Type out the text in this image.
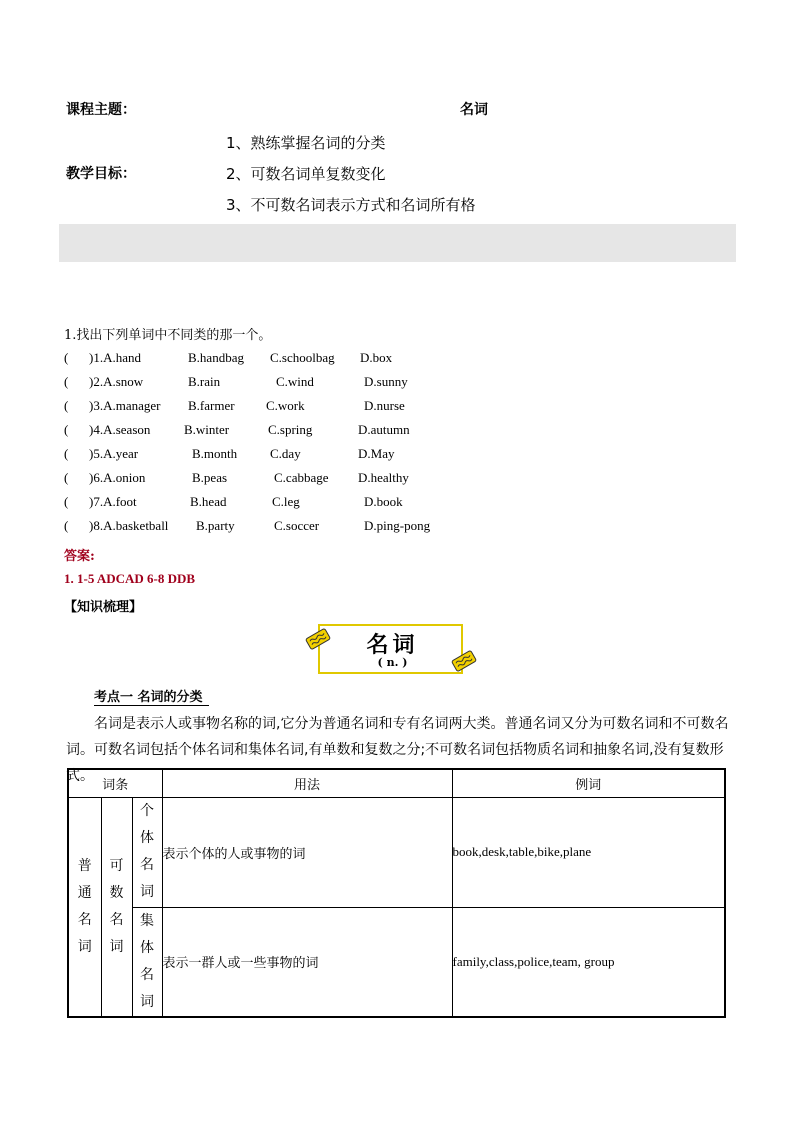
课程主题：	名词
教学目标：
1、熟练掌握名词的分类
2、可数名词单复数变化
3、不可数名词表示方式和名词所有格
1.找出下列单词中不同类的那一个。
( )1.A.hand	B.handbag C.schoolbag D.box
( )2.A.snow	B.rain	C.wind	D.sunny
( )3.A.manager B.farmer C.work	D.nurse
( )4.A.season	B.winter	C.spring	D.autumn
( )5.A.year	B.month	C.day	D.May
( )6.A.onion	B.peas	C.cabbage D.healthy
( )7.A.foot	B.head	C.leg	D.book
( )8.A.basketball B.party	C.soccer	D.ping-pong
答案:
1. 1-5 ADCAD 6-8 DDB
【知识梳理】
名词
( n. )
考点一 名词的分类
名词是表示人或事物名称的词,它分为普通名词和专有名词两大类。普通名词又分为可数名词和不可数名词。可数名词包括个体名词和集体名词,有单数和复数之分;不可数名词包括物质名词和抽象名词,没有复数形式。
词条			用法	例词

普通名词	可数名词	个体名词	表示个体的人或事物的词	book,desk,table,bike,plane

		集体名词	表示一群人或一些事物的词	family,class,police,team, group
